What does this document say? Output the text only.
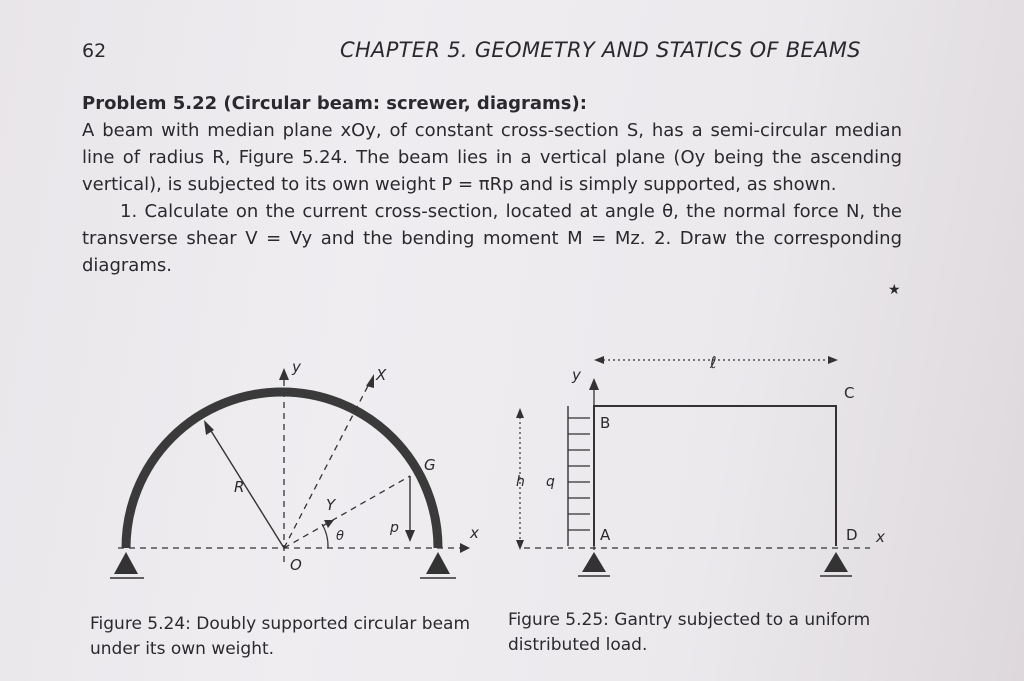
62	CHAPTER 5. GEOMETRY AND STATICS OF BEAMS

Problem 5.22 (Circular beam: screwer, diagrams):

A beam with median plane xOy, of constant cross-section S, has a semi-circular median line of radius R, Figure 5.24. The beam lies in a vertical plane (Oy being the ascending vertical), is subjected to its own weight P = πRp and is simply supported, as shown.

1. Calculate on the current cross-section, located at angle θ, the normal force N, the transverse shear V = Vy and the bending moment M = Mz. 2. Draw the corresponding diagrams.

★
y	X
R
G
Y
θ
p	x
O
y
ℓ
C
B
h q
A	D x
Figure 5.24: Doubly supported circular beam under its own weight.
Figure 5.25: Gantry subjected to a uniform distributed load.
